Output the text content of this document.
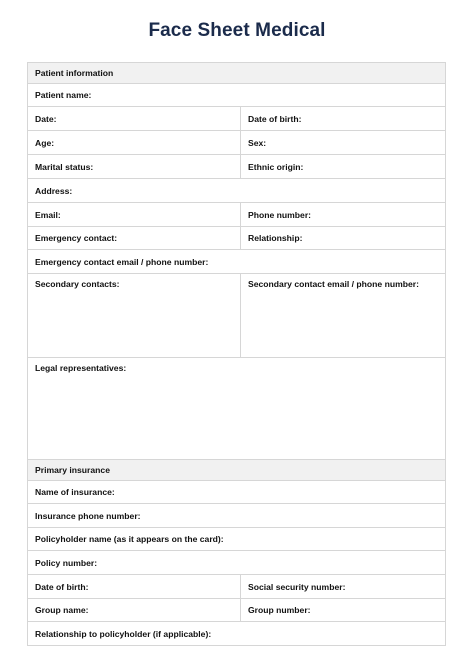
Face Sheet Medical
Patient information	
Patient name:	
Date:	Date of birth:
Age:	Sex:
Marital status:	Ethnic origin:
Address:	
Email:	Phone number:
Emergency contact:	Relationship:
Emergency contact email / phone number:	
Secondary contacts:	Secondary contact email / phone number:
Legal representatives:	
Primary insurance	
Name of insurance:	
Insurance phone number:	
Policyholder name (as it appears on the card):	
Policy number:	
Date of birth:	Social security number:
Group name:	Group number:
Relationship to policyholder (if applicable):	
